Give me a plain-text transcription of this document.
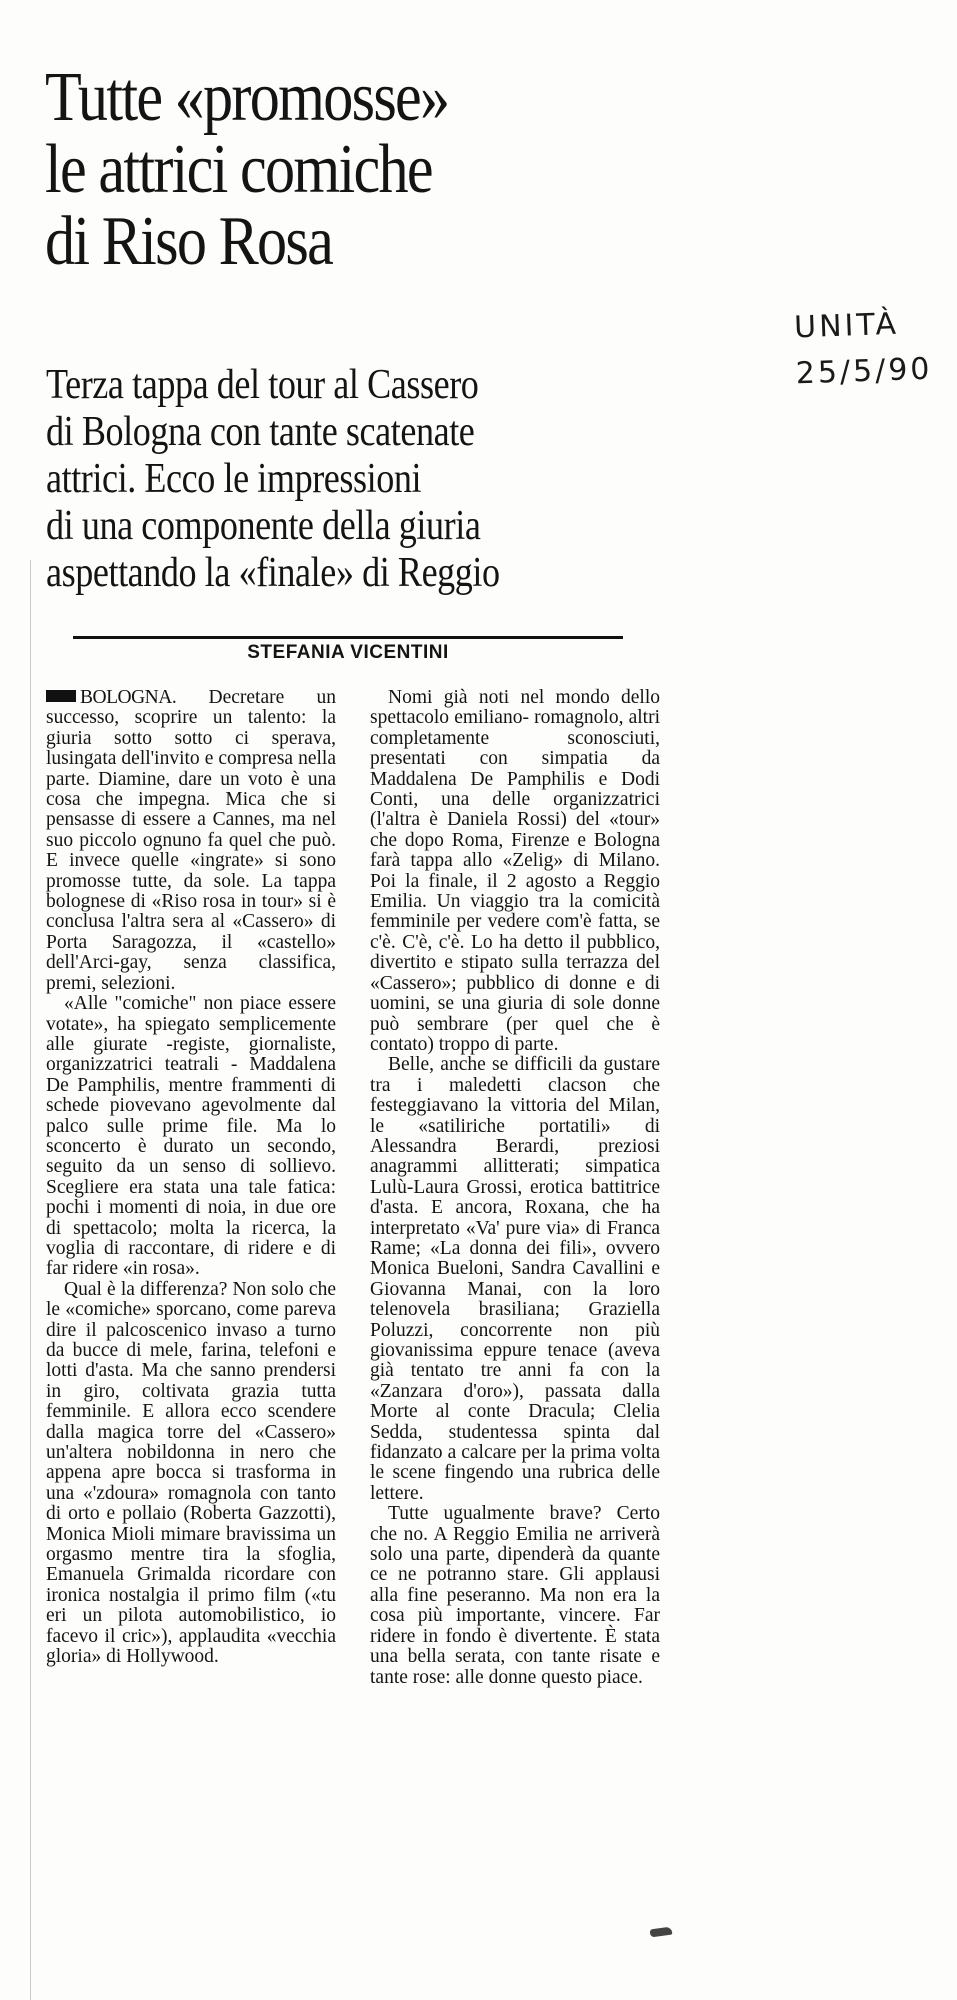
Tutte «promosse»
le attrici comiche
di Riso Rosa
UNITÀ
25/5/90
Terza tappa del tour al Cassero
di Bologna con tante scatenate
attrici. Ecco le impressioni
di una componente della giuria
aspettando la «finale» di Reggio
STEFANIA VICENTINI

BOLOGNA. Decretare un successo, scoprire un talento: la giuria sotto sotto ci sperava, lusingata dell'invito e compresa nella parte. Diamine, dare un voto è una cosa che impegna. Mica che si pensasse di essere a Cannes, ma nel suo piccolo ognuno fa quel che può. E invece quelle «ingrate» si sono promosse tutte, da sole. La tappa bolognese di «Riso rosa in tour» si è conclusa l'altra sera al «Cassero» di Porta Saragozza, il «castello» dell'Arci-gay, senza classifica, premi, selezioni.

«Alle "comiche" non piace essere votate», ha spiegato semplicemente alle giurate -registe, giornaliste, organizzatrici teatrali - Maddalena De Pamphilis, mentre frammenti di schede piovevano agevolmente dal palco sulle prime file. Ma lo sconcerto è durato un secondo, seguito da un senso di sollievo. Scegliere era stata una tale fatica: pochi i momenti di noia, in due ore di spettacolo; molta la ricerca, la voglia di raccontare, di ridere e di far ridere «in rosa».

Qual è la differenza? Non solo che le «comiche» sporcano, come pareva dire il palcoscenico invaso a turno da bucce di mele, farina, telefoni e lotti d'asta. Ma che sanno prendersi in giro, coltivata grazia tutta femminile. E allora ecco scendere dalla magica torre del «Cassero» un'altera nobildonna in nero che appena apre bocca si trasforma in una «'zdoura» romagnola con tanto di orto e pollaio (Roberta Gazzotti), Monica Mioli mimare bravissima un orgasmo mentre tira la sfoglia, Emanuela Grimalda ricordare con ironica nostalgia il primo film («tu eri un pilota automobilistico, io facevo il cric»), applaudita «vecchia gloria» di Hollywood.

Nomi già noti nel mondo dello spettacolo emiliano- romagnolo, altri completamente sconosciuti, presentati con simpatia da Maddalena De Pamphilis e Dodi Conti, una delle organizzatrici (l'altra è Daniela Rossi) del «tour» che dopo Roma, Firenze e Bologna farà tappa allo «Zelig» di Milano. Poi la finale, il 2 agosto a Reggio Emilia. Un viaggio tra la comicità femminile per vedere com'è fatta, se c'è. C'è, c'è. Lo ha detto il pubblico, divertito e stipato sulla terrazza del «Cassero»; pubblico di donne e di uomini, se una giuria di sole donne può sembrare (per quel che è contato) troppo di parte.

Belle, anche se difficili da gustare tra i maledetti clacson che festeggiavano la vittoria del Milan, le «satiliriche portatili» di Alessandra Berardi, preziosi anagrammi allitterati; simpatica Lulù-Laura Grossi, erotica battitrice d'asta. E ancora, Roxana, che ha interpretato «Va' pure via» di Franca Rame; «La donna dei fili», ovvero Monica Bueloni, Sandra Cavallini e Giovanna Manai, con la loro telenovela brasiliana; Graziella Poluzzi, concorrente non più giovanissima eppure tenace (aveva già tentato tre anni fa con la «Zanzara d'oro»), passata dalla Morte al conte Dracula; Clelia Sedda, studentessa spinta dal fidanzato a calcare per la prima volta le scene fingendo una rubrica delle lettere.

Tutte ugualmente brave? Certo che no. A Reggio Emilia ne arriverà solo una parte, dipenderà da quante ce ne potranno stare. Gli applausi alla fine peseranno. Ma non era la cosa più importante, vincere. Far ridere in fondo è divertente. È stata una bella serata, con tante risate e tante rose: alle donne questo piace.
